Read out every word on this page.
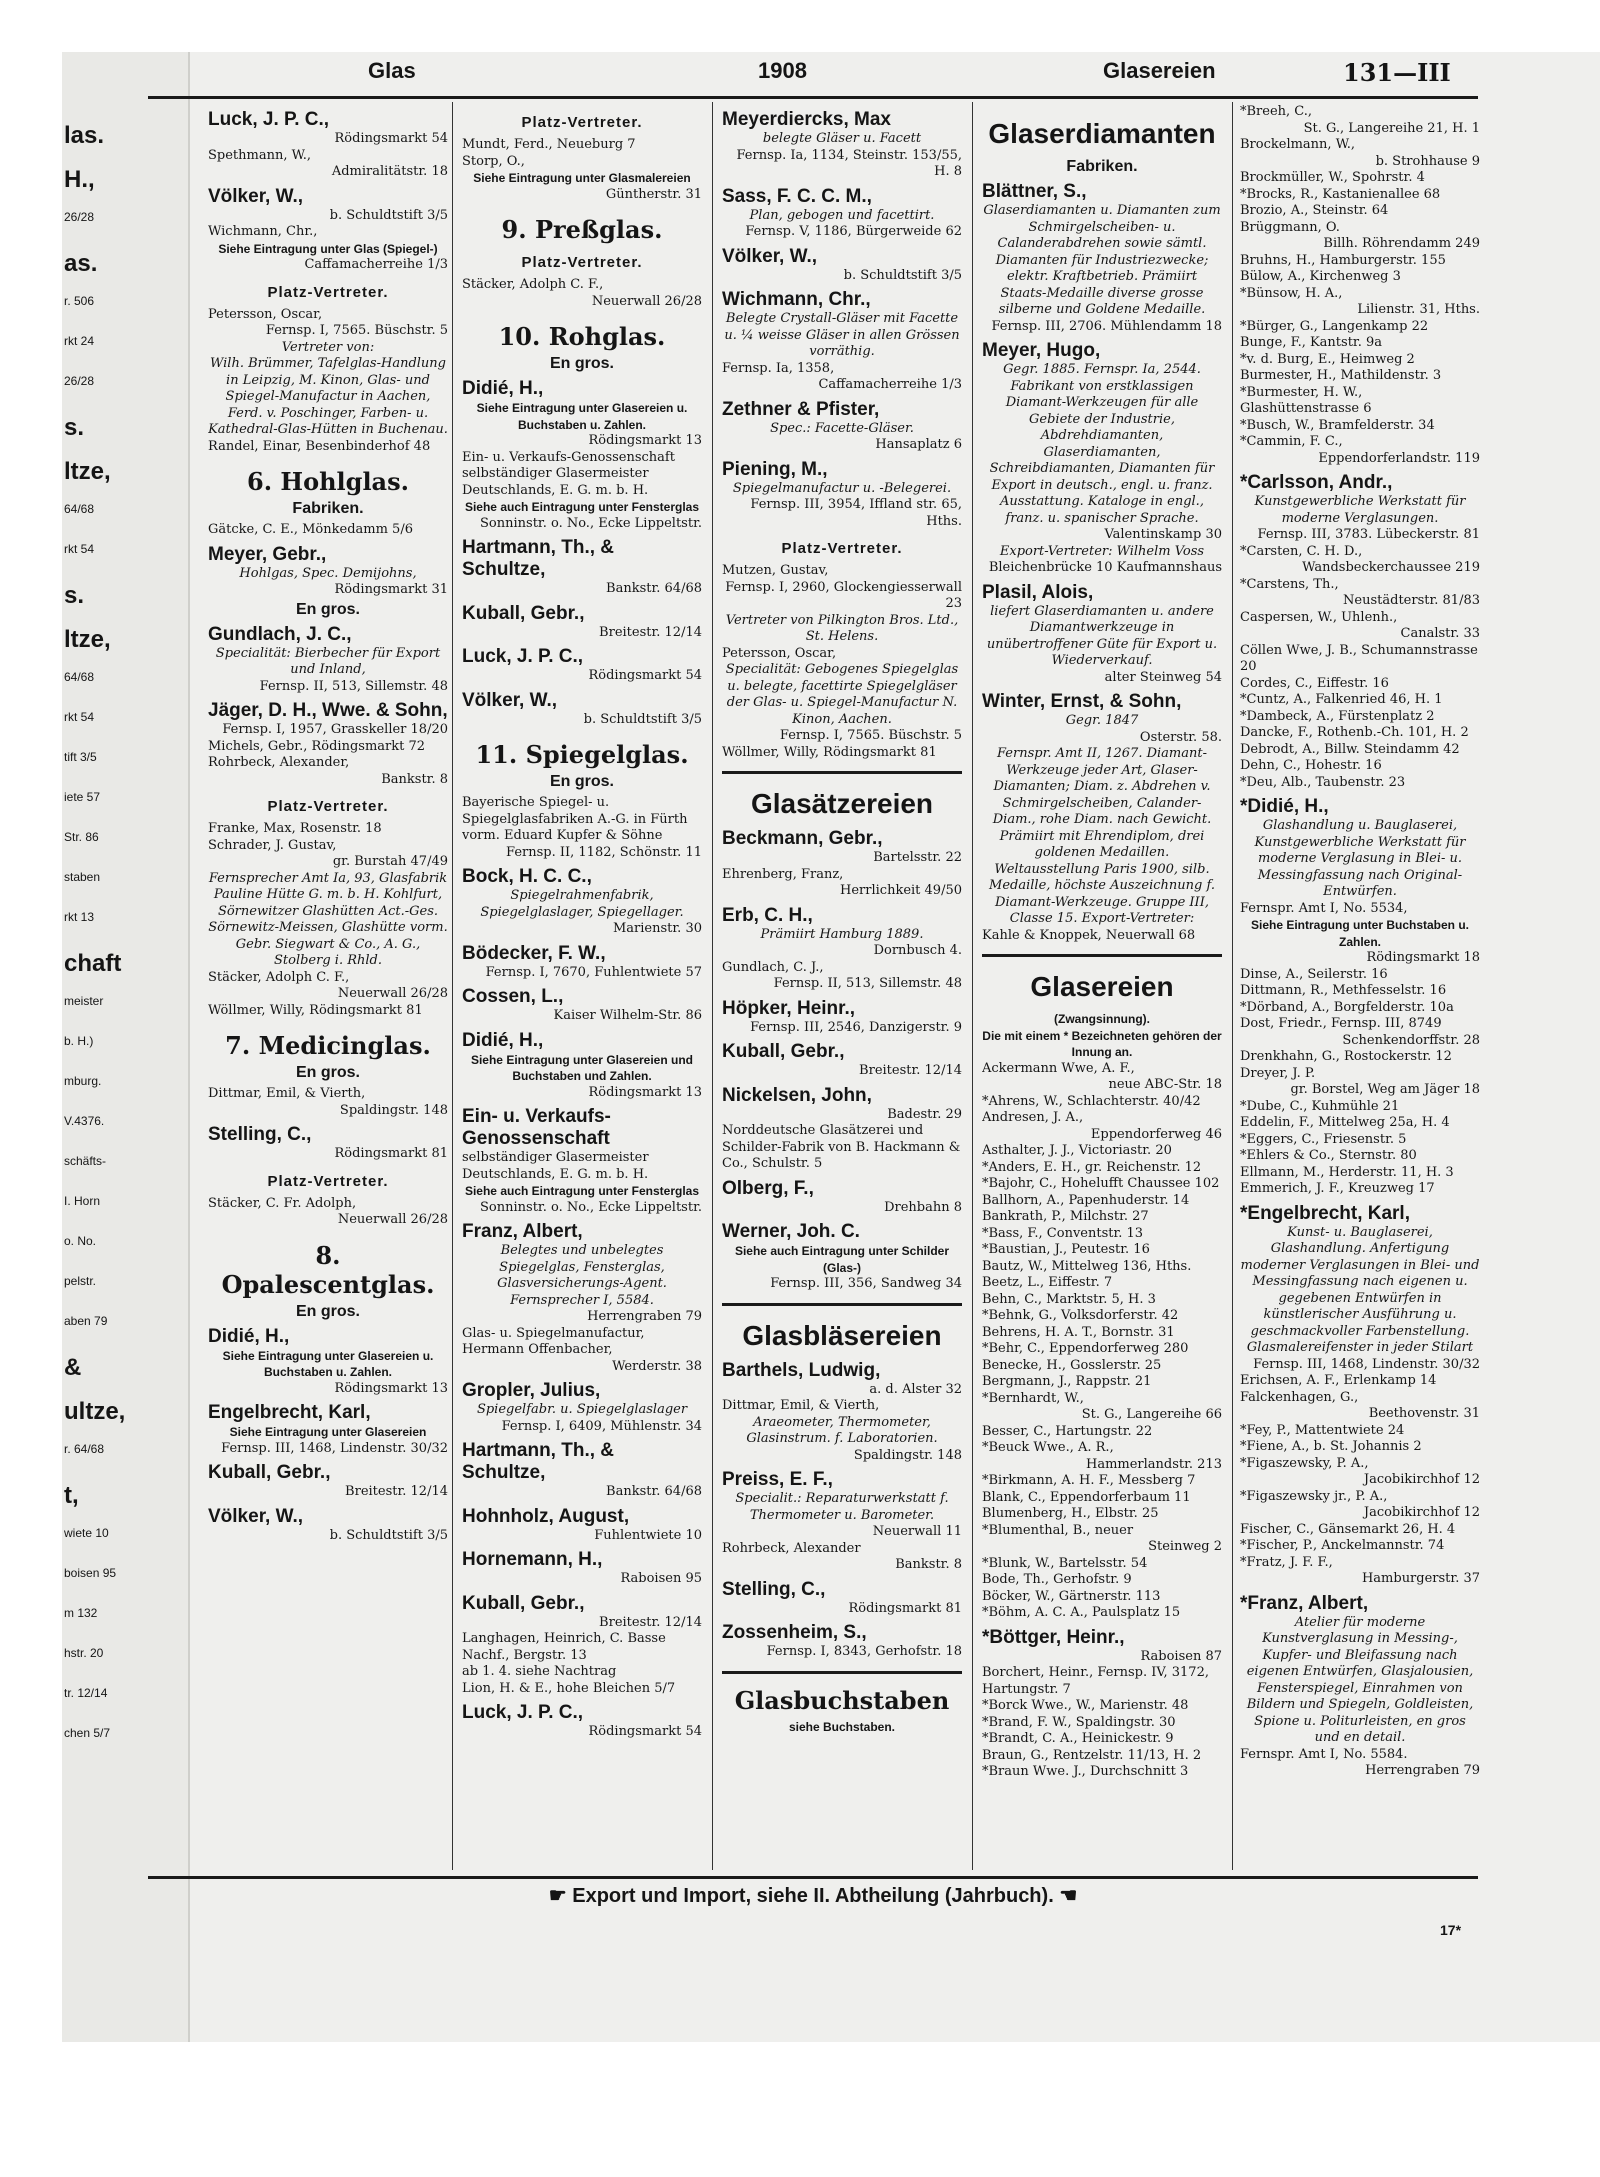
las.
H.,
26/28
as.
r. 506
rkt 24
26/28
s.
ltze,
64/68
rkt 54
s.
ltze,
64/68
rkt 54
tift 3/5
iete 57
Str. 86
staben
rkt 13
chaft
meister
b. H.)
mburg.
V.4376.
schäfts-
I. Horn
o. No.
pelstr.
aben 79
&
ultze,
r. 64/68
t,
wiete 10
boisen 95
m 132
hstr. 20
tr. 12/14
chen 5/7
Glas	1908	Glasereien	131—III
Luck, J. P. C.,
Rödingsmarkt 54
Spethmann, W.,
Admiralitätstr. 18
Völker, W.,
b. Schuldtstift 3/5
Wichmann, Chr.,
Siehe Eintragung unter Glas (Spiegel-)
Caffamacherreihe 1/3
Platz-Vertreter.
Petersson, Oscar,
Fernsp. I, 7565. Büschstr. 5
Vertreter von:
Wilh. Brümmer, Tafelglas-Handlung in Leipzig, M. Kinon, Glas- und Spiegel-Manufactur in Aachen, Ferd. v. Poschinger, Farben- u. Kathedral-Glas-Hütten in Buchenau.
Randel, Einar, Besenbinderhof 48
6. Hohlglas.
Fabriken.
Gätcke, C. E., Mönkedamm 5/6
Meyer, Gebr.,
Hohlgas, Spec. Demijohns,
Rödingsmarkt 31
En gros.
Gundlach, J. C.,
Specialität: Bierbecher für Export und Inland,
Fernsp. II, 513, Sillemstr. 48
Jäger, D. H., Wwe. & Sohn,
Fernsp. I, 1957, Grasskeller 18/20
Michels, Gebr., Rödingsmarkt 72
Rohrbeck, Alexander,
Bankstr. 8
Platz-Vertreter.
Franke, Max, Rosenstr. 18
Schrader, J. Gustav,
gr. Burstah 47/49
Fernsprecher Amt Ia, 93, Glasfabrik Pauline Hütte G. m. b. H. Kohlfurt, Sörnewitzer Glashütten Act.-Ges. Sörnewitz-Meissen, Glashütte vorm. Gebr. Siegwart & Co., A. G., Stolberg i. Rhld.
Stäcker, Adolph C. F.,
Neuerwall 26/28
Wöllmer, Willy, Rödingsmarkt 81
7. Medicinglas.
En gros.
Dittmar, Emil, & Vierth,
Spaldingstr. 148
Stelling, C.,
Rödingsmarkt 81
Platz-Vertreter.
Stäcker, C. Fr. Adolph,
Neuerwall 26/28
8. Opalescentglas.
En gros.
Didié, H.,
Siehe Eintragung unter Glasereien u. Buchstaben u. Zahlen.
Rödingsmarkt 13
Engelbrecht, Karl,
Siehe Eintragung unter Glasereien
Fernsp. III, 1468, Lindenstr. 30/32
Kuball, Gebr.,
Breitestr. 12/14
Völker, W.,
b. Schuldtstift 3/5
Platz-Vertreter.
Mundt, Ferd., Neueburg 7
Storp, O.,
Siehe Eintragung unter Glasmalereien
Güntherstr. 31
9. Preßglas.
Platz-Vertreter.
Stäcker, Adolph C. F.,
Neuerwall 26/28
10. Rohglas.
En gros.
Didié, H.,
Siehe Eintragung unter Glasereien u. Buchstaben u. Zahlen.
Rödingsmarkt 13
Ein- u. Verkaufs-Genossenschaft selbständiger Glasermeister Deutschlands, E. G. m. b. H.
Siehe auch Eintragung unter Fensterglas
Sonninstr. o. No., Ecke Lippeltstr.
Hartmann, Th., & Schultze,
Bankstr. 64/68
Kuball, Gebr.,
Breitestr. 12/14
Luck, J. P. C.,
Rödingsmarkt 54
Völker, W.,
b. Schuldtstift 3/5
11. Spiegelglas.
En gros.
Bayerische Spiegel- u. Spiegelglasfabriken A.-G. in Fürth vorm. Eduard Kupfer & Söhne
Fernsp. II, 1182, Schönstr. 11
Bock, H. C. C.,
Spiegelrahmenfabrik, Spiegelglaslager, Spiegellager.
Marienstr. 30
Bödecker, F. W.,
Fernsp. I, 7670, Fuhlentwiete 57
Cossen, L.,
Kaiser Wilhelm-Str. 86
Didié, H.,
Siehe Eintragung unter Glasereien und Buchstaben und Zahlen.
Rödingsmarkt 13
Ein- u. Verkaufs-Genossenschaft
selbständiger Glasermeister Deutschlands, E. G. m. b. H.
Siehe auch Eintragung unter Fensterglas
Sonninstr. o. No., Ecke Lippeltstr.
Franz, Albert,
Belegtes und unbelegtes Spiegelglas, Fensterglas, Glasversicherungs-Agent. Fernsprecher I, 5584.
Herrengraben 79
Glas- u. Spiegelmanufactur, Hermann Offenbacher,
Werderstr. 38
Gropler, Julius,
Spiegelfabr. u. Spiegelglaslager
Fernsp. I, 6409, Mühlenstr. 34
Hartmann, Th., & Schultze,
Bankstr. 64/68
Hohnholz, August,
Fuhlentwiete 10
Hornemann, H.,
Raboisen 95
Kuball, Gebr.,
Breitestr. 12/14
Langhagen, Heinrich, C. Basse Nachf., Bergstr. 13
ab 1. 4. siehe Nachtrag
Lion, H. & E., hohe Bleichen 5/7
Luck, J. P. C.,
Rödingsmarkt 54
Meyerdiercks, Max
belegte Gläser u. Facett
Fernsp. Ia, 1134, Steinstr. 153/55, H. 8
Sass, F. C. C. M.,
Plan, gebogen und facettirt.
Fernsp. V, 1186, Bürgerweide 62
Völker, W.,
b. Schuldtstift 3/5
Wichmann, Chr.,
Belegte Crystall-Gläser mit Facette u. ¼ weisse Gläser in allen Grössen vorräthig.
Fernsp. Ia, 1358,
Caffamacherreihe 1/3
Zethner & Pfister,
Spec.: Facette-Gläser.
Hansaplatz 6
Piening, M.,
Spiegelmanufactur u. -Belegerei.
Fernsp. III, 3954, Iffland str. 65, Hths.
Platz-Vertreter.
Mutzen, Gustav,
Fernsp. I, 2960, Glockengiesserwall 23
Vertreter von Pilkington Bros. Ltd., St. Helens.
Petersson, Oscar,
Specialität: Gebogenes Spiegelglas u. belegte, facettirte Spiegelgläser der Glas- u. Spiegel-Manufactur N. Kinon, Aachen.
Fernsp. I, 7565. Büschstr. 5
Wöllmer, Willy, Rödingsmarkt 81
Glasätzereien
Beckmann, Gebr.,
Bartelsstr. 22
Ehrenberg, Franz,
Herrlichkeit 49/50
Erb, C. H.,
Prämiirt Hamburg 1889.
Dornbusch 4.
Gundlach, C. J.,
Fernsp. II, 513, Sillemstr. 48
Höpker, Heinr.,
Fernsp. III, 2546, Danzigerstr. 9
Kuball, Gebr.,
Breitestr. 12/14
Nickelsen, John,
Badestr. 29
Norddeutsche Glasätzerei und Schilder-Fabrik von B. Hackmann & Co., Schulstr. 5
Olberg, F.,
Drehbahn 8
Werner, Joh. C.
Siehe auch Eintragung unter Schilder (Glas-)
Fernsp. III, 356, Sandweg 34
Glasbläsereien
Barthels, Ludwig,
a. d. Alster 32
Dittmar, Emil, & Vierth,
Araeometer, Thermometer, Glasinstrum. f. Laboratorien.
Spaldingstr. 148
Preiss, E. F.,
Specialit.: Reparaturwerkstatt f. Thermometer u. Barometer.
Neuerwall 11
Rohrbeck, Alexander
Bankstr. 8
Stelling, C.,
Rödingsmarkt 81
Zossenheim, S.,
Fernsp. I, 8343, Gerhofstr. 18
Glasbuchstaben
siehe Buchstaben.
Glaserdiamanten
Fabriken.
Blättner, S.,
Glaserdiamanten u. Diamanten zum Schmirgelscheiben- u. Calanderabdrehen sowie sämtl. Diamanten für Industriezwecke; elektr. Kraftbetrieb. Prämiirt Staats-Medaille diverse grosse silberne und Goldene Medaille.
Fernsp. III, 2706. Mühlendamm 18
Meyer, Hugo,
Gegr. 1885. Fernspr. Ia, 2544. Fabrikant von erstklassigen Diamant-Werkzeugen für alle Gebiete der Industrie, Abdrehdiamanten, Glaserdiamanten, Schreibdiamanten, Diamanten für Export in deutsch., engl. u. franz. Ausstattung. Kataloge in engl., franz. u. spanischer Sprache.
Valentinskamp 30
Export-Vertreter: Wilhelm Voss
Bleichenbrücke 10 Kaufmannshaus
Plasil, Alois,
liefert Glaserdiamanten u. andere Diamantwerkzeuge in unübertroffener Güte für Export u. Wiederverkauf.
alter Steinweg 54
Winter, Ernst, & Sohn,
Gegr. 1847
Osterstr. 58.
Fernspr. Amt II, 1267. Diamant-Werkzeuge jeder Art, Glaser-Diamanten; Diam. z. Abdrehen v. Schmirgelscheiben, Calander-Diam., rohe Diam. nach Gewicht. Prämiirt mit Ehrendiplom, drei goldenen Medaillen. Weltausstellung Paris 1900, silb. Medaille, höchste Auszeichnung f. Diamant-Werkzeuge. Gruppe III, Classe 15. Export-Vertreter:
Kahle & Knoppek, Neuerwall 68
Glasereien
(Zwangsinnung).
Die mit einem * Bezeichneten gehören der Innung an.
Ackermann Wwe, A. F.,
neue ABC-Str. 18
*Ahrens, W., Schlachterstr. 40/42
Andresen, J. A.,
Eppendorferweg 46
Asthalter, J. J., Victoriastr. 20
*Anders, E. H., gr. Reichenstr. 12
*Bajohr, C., Hohelufft Chaussee 102
Ballhorn, A., Papenhuderstr. 14
Bankrath, P., Milchstr. 27
*Bass, F., Conventstr. 13
*Baustian, J., Peutestr. 16
Bautz, W., Mittelweg 136, Hths.
Beetz, L., Eiffestr. 7
Behn, C., Marktstr. 5, H. 3
*Behnk, G., Volksdorferstr. 42
Behrens, H. A. T., Bornstr. 31
*Behr, C., Eppendorferweg 280
Benecke, H., Gosslerstr. 25
Bergmann, J., Rappstr. 21
*Bernhardt, W.,
St. G., Langereihe 66
Besser, C., Hartungstr. 22
*Beuck Wwe., A. R.,
Hammerlandstr. 213
*Birkmann, A. H. F., Messberg 7
Blank, C., Eppendorferbaum 11
Blumenberg, H., Elbstr. 25
*Blumenthal, B., neuer
Steinweg 2
*Blunk, W., Bartelsstr. 54
Bode, Th., Gerhofstr. 9
Böcker, W., Gärtnerstr. 113
*Böhm, A. C. A., Paulsplatz 15
*Böttger, Heinr.,
Raboisen 87
Borchert, Heinr., Fernsp. IV, 3172, Hartungstr. 7
*Borck Wwe., W., Marienstr. 48
*Brand, F. W., Spaldingstr. 30
*Brandt, C. A., Heinickestr. 9
Braun, G., Rentzelstr. 11/13, H. 2
*Braun Wwe. J., Durchschnitt 3
*Breeh, C.,
St. G., Langereihe 21, H. 1
Brockelmann, W.,
b. Strohhause 9
Brockmüller, W., Spohrstr. 4
*Brocks, R., Kastanienallee 68
Brozio, A., Steinstr. 64
Brüggmann, O.
Billh. Röhrendamm 249
Bruhns, H., Hamburgerstr. 155
Bülow, A., Kirchenweg 3
*Bünsow, H. A.,
Lilienstr. 31, Hths.
*Bürger, G., Langenkamp 22
Bunge, F., Kantstr. 9a
*v. d. Burg, E., Heimweg 2
Burmester, H., Mathildenstr. 3
*Burmester, H. W., Glashüttenstrasse 6
*Busch, W., Bramfelderstr. 34
*Cammin, F. C.,
Eppendorferlandstr. 119
*Carlsson, Andr.,
Kunstgewerbliche Werkstatt für moderne Verglasungen.
Fernsp. III, 3783. Lübeckerstr. 81
*Carsten, C. H. D.,
Wandsbeckerchaussee 219
*Carstens, Th.,
Neustädterstr. 81/83
Caspersen, W., Uhlenh.,
Canalstr. 33
Cöllen Wwe, J. B., Schumannstrasse 20
Cordes, C., Eiffestr. 16
*Cuntz, A., Falkenried 46, H. 1
*Dambeck, A., Fürstenplatz 2
Dancke, F., Rothenb.-Ch. 101, H. 2
Debrodt, A., Billw. Steindamm 42
Dehn, C., Hohestr. 16
*Deu, Alb., Taubenstr. 23
*Didié, H.,
Glashandlung u. Bauglaserei, Kunstgewerbliche Werkstatt für moderne Verglasung in Blei- u. Messingfassung nach Original-Entwürfen.
Fernspr. Amt I, No. 5534,
Siehe Eintragung unter Buchstaben u. Zahlen.
Rödingsmarkt 18
Dinse, A., Seilerstr. 16
Dittmann, R., Methfesselstr. 16
*Dörband, A., Borgfelderstr. 10a
Dost, Friedr., Fernsp. III, 8749
Schenkendorffstr. 28
Drenkhahn, G., Rostockerstr. 12
Dreyer, J. P.
gr. Borstel, Weg am Jäger 18
*Dube, C., Kuhmühle 21
Eddelin, F., Mittelweg 25a, H. 4
*Eggers, C., Friesenstr. 5
*Ehlers & Co., Sternstr. 80
Ellmann, M., Herderstr. 11, H. 3
Emmerich, J. F., Kreuzweg 17
*Engelbrecht, Karl,
Kunst- u. Bauglaserei, Glashandlung. Anfertigung moderner Verglasungen in Blei- und Messingfassung nach eigenen u. gegebenen Entwürfen in künstlerischer Ausführung u. geschmackvoller Farbenstellung. Glasmalereifenster in jeder Stilart
Fernsp. III, 1468, Lindenstr. 30/32
Erichsen, A. F., Erlenkamp 14
Falckenhagen, G.,
Beethovenstr. 31
*Fey, P., Mattentwiete 24
*Fiene, A., b. St. Johannis 2
*Figaszewsky, P. A.,
Jacobikirchhof 12
*Figaszewsky jr., P. A.,
Jacobikirchhof 12
Fischer, C., Gänsemarkt 26, H. 4
*Fischer, P., Anckelmannstr. 74
*Fratz, J. F. F.,
Hamburgerstr. 37
*Franz, Albert,
Atelier für moderne Kunstverglasung in Messing-, Kupfer- und Bleifassung nach eigenen Entwürfen, Glasjalousien, Fensterspiegel, Einrahmen von Bildern und Spiegeln, Goldleisten, Spione u. Politurleisten, en gros und en detail.
Fernspr. Amt I, No. 5584.
Herrengraben 79
☛ Export und Import, siehe II. Abtheilung (Jahrbuch). ☚
17*
